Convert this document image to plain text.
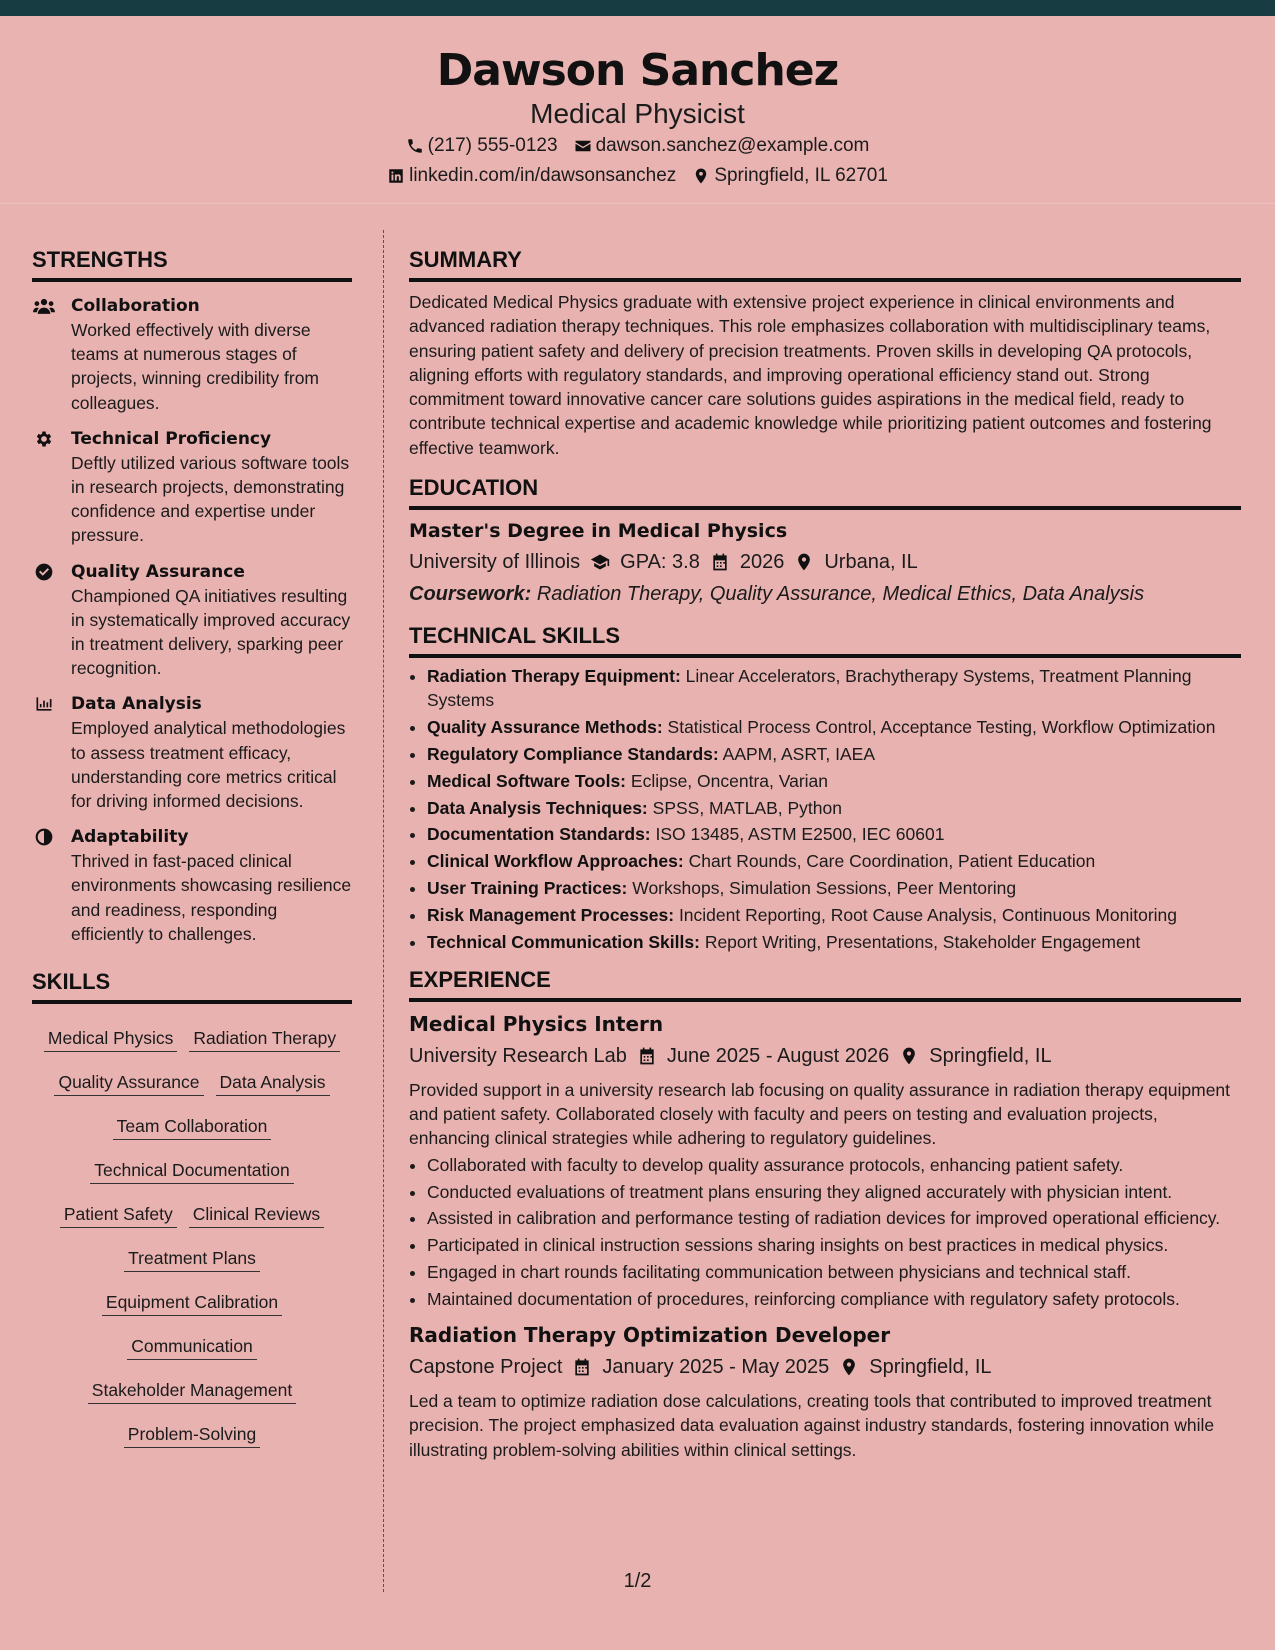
Dawson Sanchez
Medical Physicist
(217) 555-0123 dawson.sanchez@example.com
linkedin.com/in/dawsonsanchez Springfield, IL 62701
STRENGTHS
Collaboration
Worked effectively with diverse teams at numerous stages of projects, winning credibility from colleagues.
Technical Proficiency
Deftly utilized various software tools in research projects, demonstrating confidence and expertise under pressure.
Quality Assurance
Championed QA initiatives resulting in systematically improved accuracy in treatment delivery, sparking peer recognition.
Data Analysis
Employed analytical methodologies to assess treatment efficacy, understanding core metrics critical for driving informed decisions.
Adaptability
Thrived in fast-paced clinical environments showcasing resilience and readiness, responding efficiently to challenges.
SKILLS
Medical Physics Radiation Therapy
Quality Assurance Data Analysis
Team Collaboration
Technical Documentation
Patient Safety Clinical Reviews
Treatment Plans
Equipment Calibration
Communication
Stakeholder Management
Problem-Solving
SUMMARY
Dedicated Medical Physics graduate with extensive project experience in clinical environments and advanced radiation therapy techniques. This role emphasizes collaboration with multidisciplinary teams, ensuring patient safety and delivery of precision treatments. Proven skills in developing QA protocols, aligning efforts with regulatory standards, and improving operational efficiency stand out. Strong commitment toward innovative cancer care solutions guides aspirations in the medical field, ready to contribute technical expertise and academic knowledge while prioritizing patient outcomes and fostering effective teamwork.
EDUCATION
Master's Degree in Medical Physics
University of Illinois GPA: 3.8 2026 Urbana, IL
Coursework: Radiation Therapy, Quality Assurance, Medical Ethics, Data Analysis
TECHNICAL SKILLS
• Radiation Therapy Equipment: Linear Accelerators, Brachytherapy Systems, Treatment Planning Systems
• Quality Assurance Methods: Statistical Process Control, Acceptance Testing, Workflow Optimization
• Regulatory Compliance Standards: AAPM, ASRT, IAEA
• Medical Software Tools: Eclipse, Oncentra, Varian
• Data Analysis Techniques: SPSS, MATLAB, Python
• Documentation Standards: ISO 13485, ASTM E2500, IEC 60601
• Clinical Workflow Approaches: Chart Rounds, Care Coordination, Patient Education
• User Training Practices: Workshops, Simulation Sessions, Peer Mentoring
• Risk Management Processes: Incident Reporting, Root Cause Analysis, Continuous Monitoring
• Technical Communication Skills: Report Writing, Presentations, Stakeholder Engagement
EXPERIENCE
Medical Physics Intern
University Research Lab June 2025 - August 2026 Springfield, IL
Provided support in a university research lab focusing on quality assurance in radiation therapy equipment and patient safety. Collaborated closely with faculty and peers on testing and evaluation projects, enhancing clinical strategies while adhering to regulatory guidelines.
• Collaborated with faculty to develop quality assurance protocols, enhancing patient safety.
• Conducted evaluations of treatment plans ensuring they aligned accurately with physician intent.
• Assisted in calibration and performance testing of radiation devices for improved operational efficiency.
• Participated in clinical instruction sessions sharing insights on best practices in medical physics.
• Engaged in chart rounds facilitating communication between physicians and technical staff.
• Maintained documentation of procedures, reinforcing compliance with regulatory safety protocols.
Radiation Therapy Optimization Developer
Capstone Project January 2025 - May 2025 Springfield, IL
Led a team to optimize radiation dose calculations, creating tools that contributed to improved treatment precision. The project emphasized data evaluation against industry standards, fostering innovation while illustrating problem-solving abilities within clinical settings.
1/2
